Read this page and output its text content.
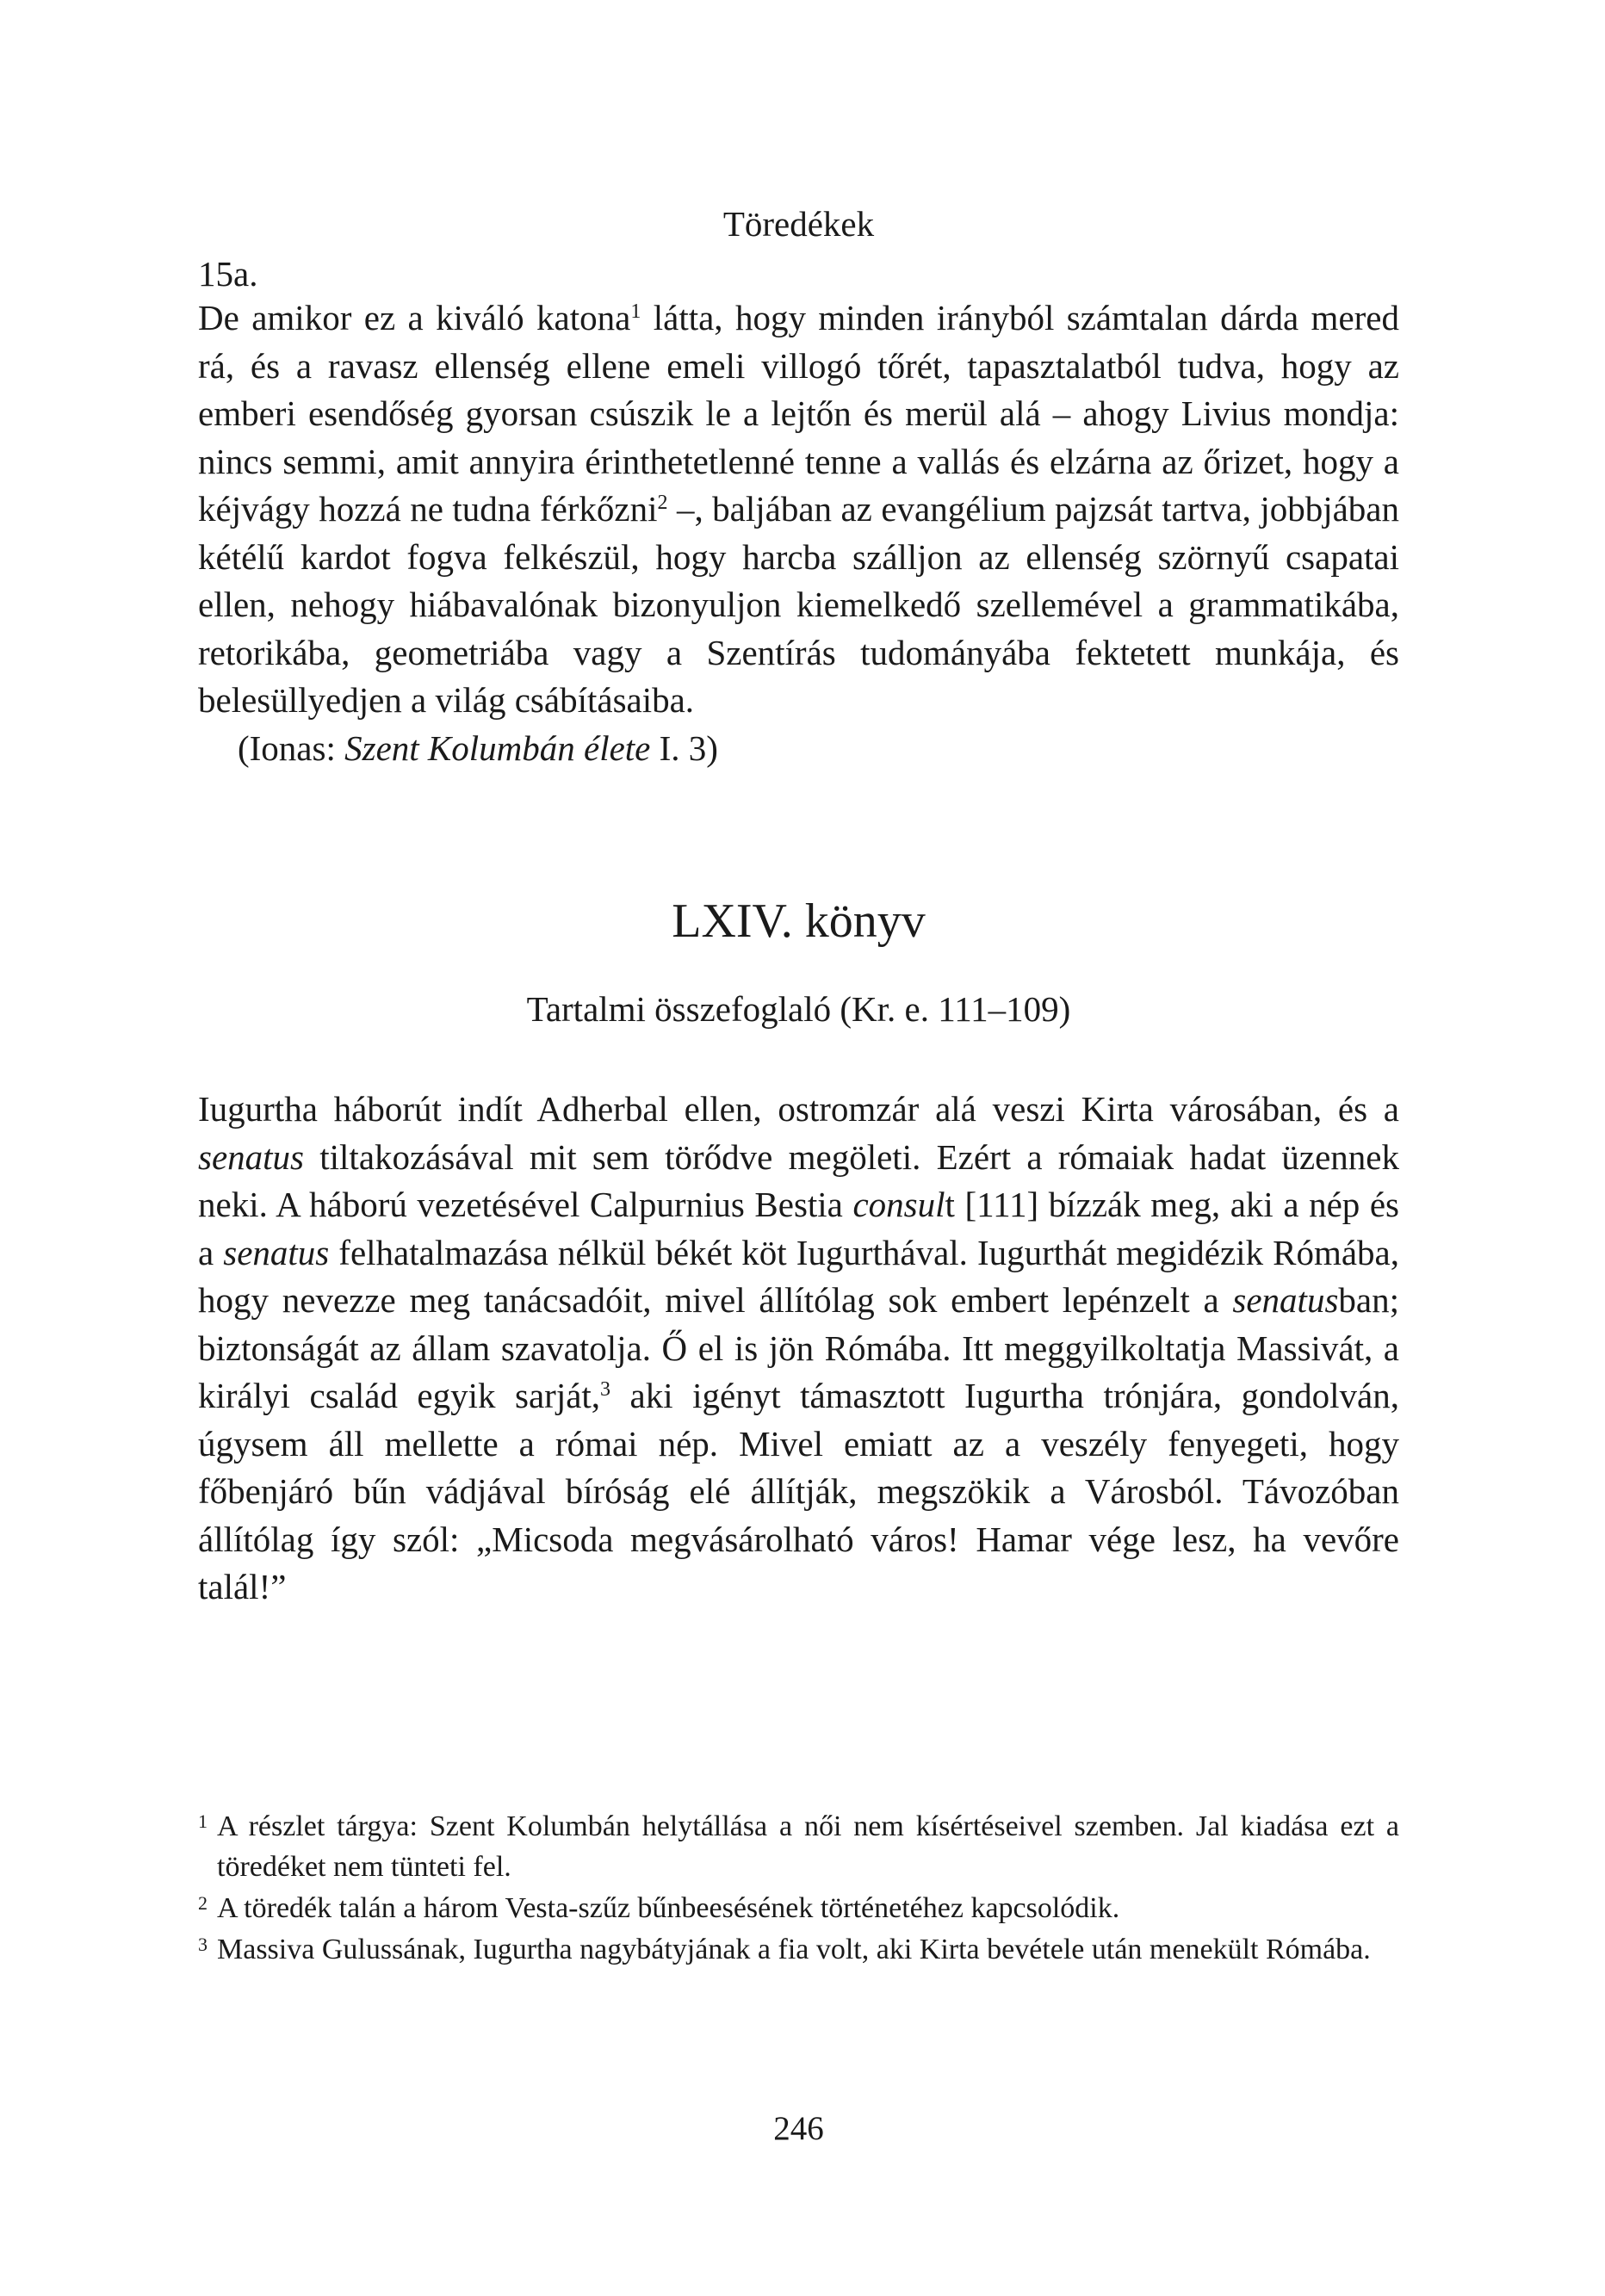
Töredékek
15a.

De amikor ez a kiváló katona$^1$ látta, hogy minden irányból számtalan dárda mered rá, és a ravasz ellenség ellene emeli villogó tőrét, tapasztalatból tudva, hogy az emberi esendőség gyorsan csúszik le a lejtőn és merül alá – ahogy Livius mondja: nincs semmi, amit annyira érinthetetlenné tenne a vallás és elzárna az őrizet, hogy a kéjvágy hozzá ne tudna férkőzni$^2$ –, baljában az evangélium pajzsát tartva, jobbjában kétélű kardot fogva felkészül, hogy harcba szálljon az ellenség szörnyű csapatai ellen, nehogy hiábavalónak bizonyuljon kiemelkedő szellemével a grammatikába, retorikába, geometriába vagy a Szentírás tudományába fektetett munkája, és belesüllyedjen a világ csábításaiba.

(Ionas: Szent Kolumbán élete I. 3)

LXIV. könyv
Tartalmi összefoglaló (Kr. e. 111–109)

Iugurtha háborút indít Adherbal ellen, ostromzár alá veszi Kirta városában, és a senatus tiltakozásával mit sem törődve megöleti. Ezért a rómaiak hadat üzennek neki. A háború vezetésével Calpurnius Bestia consult [111] bízzák meg, aki a nép és a senatus felhatalmazása nélkül békét köt Iugurthával. Iugurthát megidézik Rómába, hogy nevezze meg tanácsadóit, mivel állítólag sok embert lepénzelt a senatusban; biztonságát az állam szavatolja. Ő el is jön Rómába. Itt meggyilkoltatja Massivát, a királyi család egyik sarját,$^3$ aki igényt támasztott Iugurtha trónjára, gondolván, úgysem áll mellette a római nép. Mivel emiatt az a veszély fenyegeti, hogy főbenjáró bűn vádjával bíróság elé állítják, megszökik a Városból. Távozóban állítólag így szól: „Micsoda megvásárolható város! Hamar vége lesz, ha vevőre talál!”

1 A részlet tárgya: Szent Kolumbán helytállása a női nem kísértéseivel szemben. Jal kiadása ezt a töredéket nem tünteti fel.

2 A töredék talán a három Vesta-szűz bűnbeesésének történetéhez kapcsolódik.

3 Massiva Gulussának, Iugurtha nagybátyjának a fia volt, aki Kirta bevétele után menekült Rómába.

246
